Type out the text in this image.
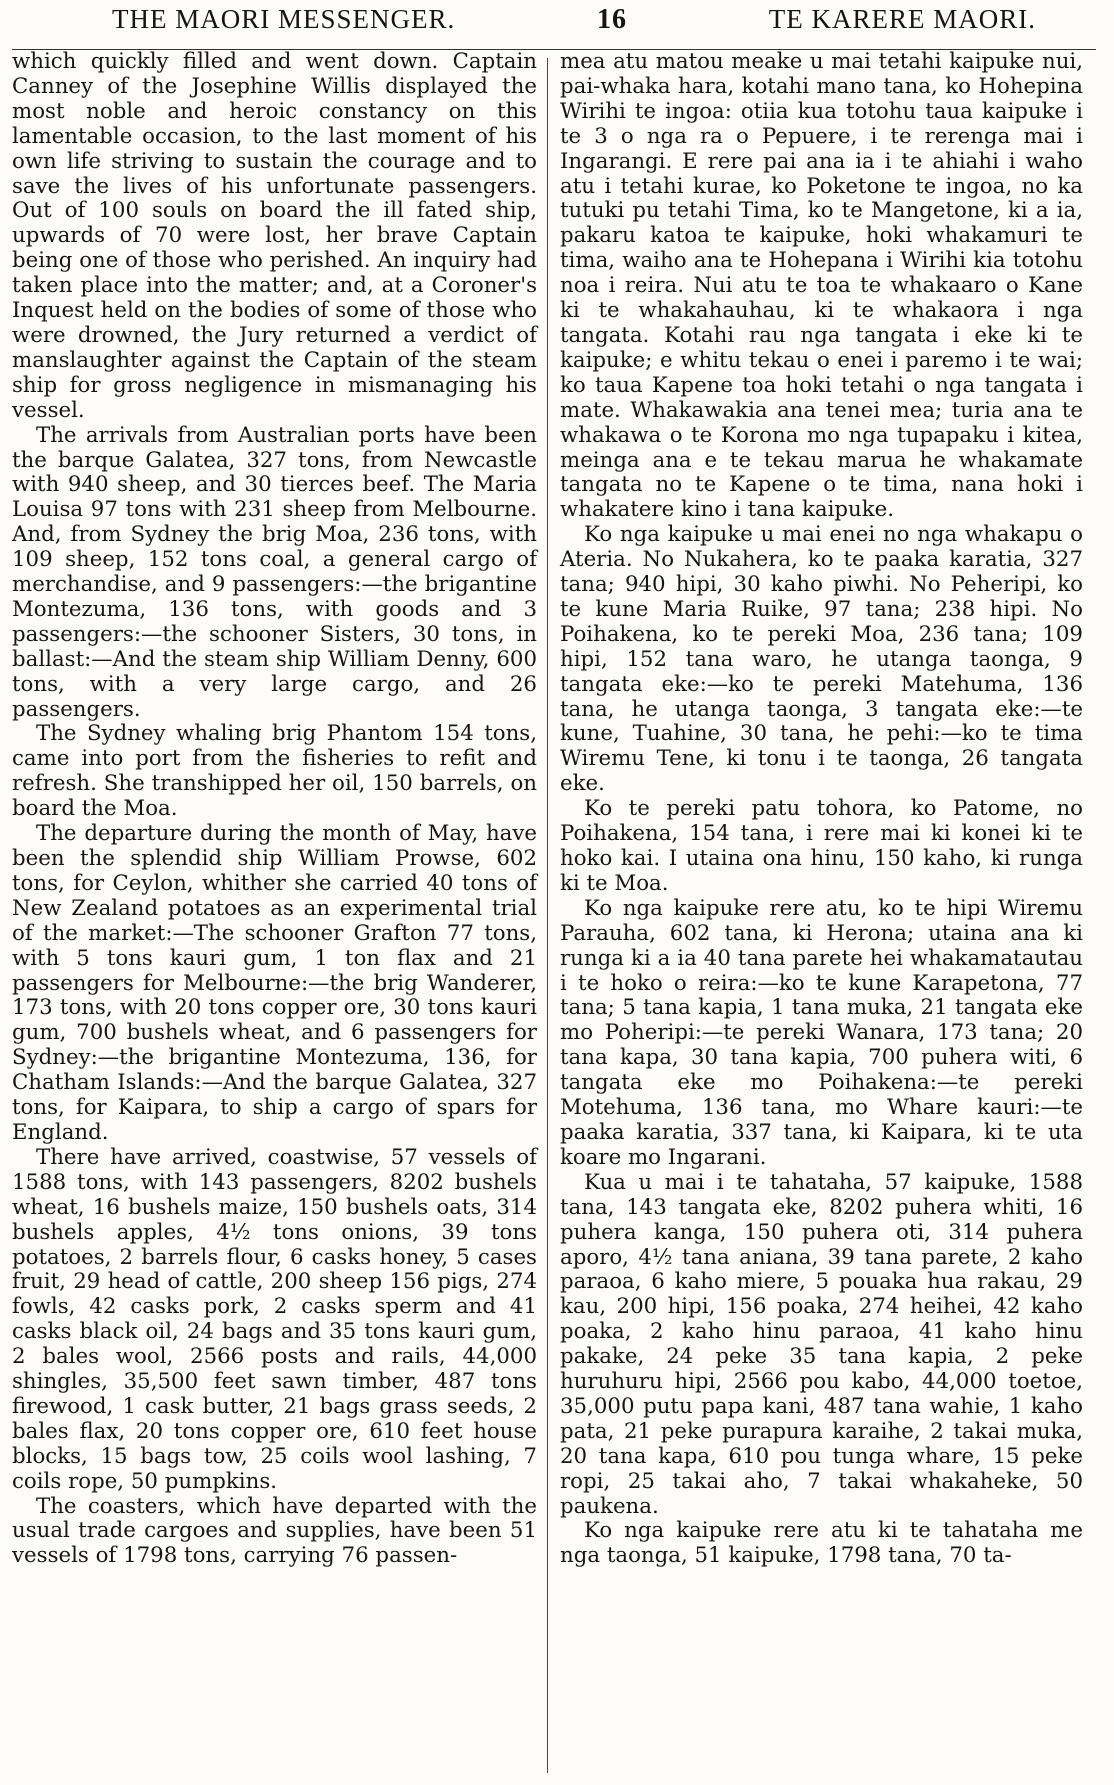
THE MAORI MESSENGER.	16	TE KARERE MAORI.

which quickly filled and went down. Captain Canney of the Josephine Willis displayed the most noble and heroic constancy on this lamentable occasion, to the last moment of his own life striving to sustain the courage and to save the lives of his unfortunate passengers. Out of 100 souls on board the ill fated ship, upwards of 70 were lost, her brave Captain being one of those who perished. An inquiry had taken place into the matter; and, at a Coroner's Inquest held on the bodies of some of those who were drowned, the Jury returned a verdict of manslaughter against the Captain of the steam ship for gross negligence in mismanaging his vessel.

The arrivals from Australian ports have been the barque Galatea, 327 tons, from Newcastle with 940 sheep, and 30 tierces beef. The Maria Louisa 97 tons with 231 sheep from Melbourne. And, from Sydney the brig Moa, 236 tons, with 109 sheep, 152 tons coal, a general cargo of merchandise, and 9 passengers:—the brigantine Montezuma, 136 tons, with goods and 3 passengers:—the schooner Sisters, 30 tons, in ballast:—And the steam ship William Denny, 600 tons, with a very large cargo, and 26 passengers.

The Sydney whaling brig Phantom 154 tons, came into port from the fisheries to refit and refresh. She transhipped her oil, 150 barrels, on board the Moa.

The departure during the month of May, have been the splendid ship William Prowse, 602 tons, for Ceylon, whither she carried 40 tons of New Zealand potatoes as an experimental trial of the market:—The schooner Grafton 77 tons, with 5 tons kauri gum, 1 ton flax and 21 passengers for Melbourne:—the brig Wanderer, 173 tons, with 20 tons copper ore, 30 tons kauri gum, 700 bushels wheat, and 6 passengers for Sydney:—the brigantine Montezuma, 136, for Chatham Islands:—And the barque Galatea, 327 tons, for Kaipara, to ship a cargo of spars for England.

There have arrived, coastwise, 57 vessels of 1588 tons, with 143 passengers, 8202 bushels wheat, 16 bushels maize, 150 bushels oats, 314 bushels apples, 4½ tons onions, 39 tons potatoes, 2 barrels flour, 6 casks honey, 5 cases fruit, 29 head of cattle, 200 sheep 156 pigs, 274 fowls, 42 casks pork, 2 casks sperm and 41 casks black oil, 24 bags and 35 tons kauri gum, 2 bales wool, 2566 posts and rails, 44,000 shingles, 35,500 feet sawn timber, 487 tons firewood, 1 cask butter, 21 bags grass seeds, 2 bales flax, 20 tons copper ore, 610 feet house blocks, 15 bags tow, 25 coils wool lashing, 7 coils rope, 50 pumpkins.

The coasters, which have departed with the usual trade cargoes and supplies, have been 51 vessels of 1798 tons, carrying 76 passen-

mea atu matou meake u mai tetahi kaipuke nui, pai-whaka hara, kotahi mano tana, ko Hohepina Wirihi te ingoa: otiia kua totohu taua kaipuke i te 3 o nga ra o Pepuere, i te rerenga mai i Ingarangi. E rere pai ana ia i te ahiahi i waho atu i tetahi kurae, ko Poketone te ingoa, no ka tutuki pu tetahi Tima, ko te Mangetone, ki a ia, pakaru katoa te kaipuke, hoki whakamuri te tima, waiho ana te Hohepana i Wirihi kia totohu noa i reira. Nui atu te toa te whakaaro o Kane ki te whakahauhau, ki te whakaora i nga tangata. Kotahi rau nga tangata i eke ki te kaipuke; e whitu tekau o enei i paremo i te wai; ko taua Kapene toa hoki tetahi o nga tangata i mate. Whakawakia ana tenei mea; turia ana te whakawa o te Korona mo nga tupapaku i kitea, meinga ana e te tekau marua he whakamate tangata no te Kapene o te tima, nana hoki i whakatere kino i tana kaipuke.

Ko nga kaipuke u mai enei no nga whakapu o Ateria. No Nukahera, ko te paaka karatia, 327 tana; 940 hipi, 30 kaho piwhi. No Peheripi, ko te kune Maria Ruike, 97 tana; 238 hipi. No Poihakena, ko te pereki Moa, 236 tana; 109 hipi, 152 tana waro, he utanga taonga, 9 tangata eke:—ko te pereki Matehuma, 136 tana, he utanga taonga, 3 tangata eke:—te kune, Tuahine, 30 tana, he pehi:—ko te tima Wiremu Tene, ki tonu i te taonga, 26 tangata eke.

Ko te pereki patu tohora, ko Patome, no Poihakena, 154 tana, i rere mai ki konei ki te hoko kai. I utaina ona hinu, 150 kaho, ki runga ki te Moa.

Ko nga kaipuke rere atu, ko te hipi Wiremu Parauha, 602 tana, ki Herona; utaina ana ki runga ki a ia 40 tana parete hei whakamatautau i te hoko o reira:—ko te kune Karapetona, 77 tana; 5 tana kapia, 1 tana muka, 21 tangata eke mo Poheripi:—te pereki Wanara, 173 tana; 20 tana kapa, 30 tana kapia, 700 puhera witi, 6 tangata eke mo Poihakena:—te pereki Motehuma, 136 tana, mo Whare kauri:—te paaka karatia, 337 tana, ki Kaipara, ki te uta koare mo Ingarani.

Kua u mai i te tahataha, 57 kaipuke, 1588 tana, 143 tangata eke, 8202 puhera whiti, 16 puhera kanga, 150 puhera oti, 314 puhera aporo, 4½ tana aniana, 39 tana parete, 2 kaho paraoa, 6 kaho miere, 5 pouaka hua rakau, 29 kau, 200 hipi, 156 poaka, 274 heihei, 42 kaho poaka, 2 kaho hinu paraoa, 41 kaho hinu pakake, 24 peke 35 tana kapia, 2 peke huruhuru hipi, 2566 pou kabo, 44,000 toetoe, 35,000 putu papa kani, 487 tana wahie, 1 kaho pata, 21 peke purapura karaihe, 2 takai muka, 20 tana kapa, 610 pou tunga whare, 15 peke ropi, 25 takai aho, 7 takai whakaheke, 50 paukena.

Ko nga kaipuke rere atu ki te tahataha me nga taonga, 51 kaipuke, 1798 tana, 70 ta-
